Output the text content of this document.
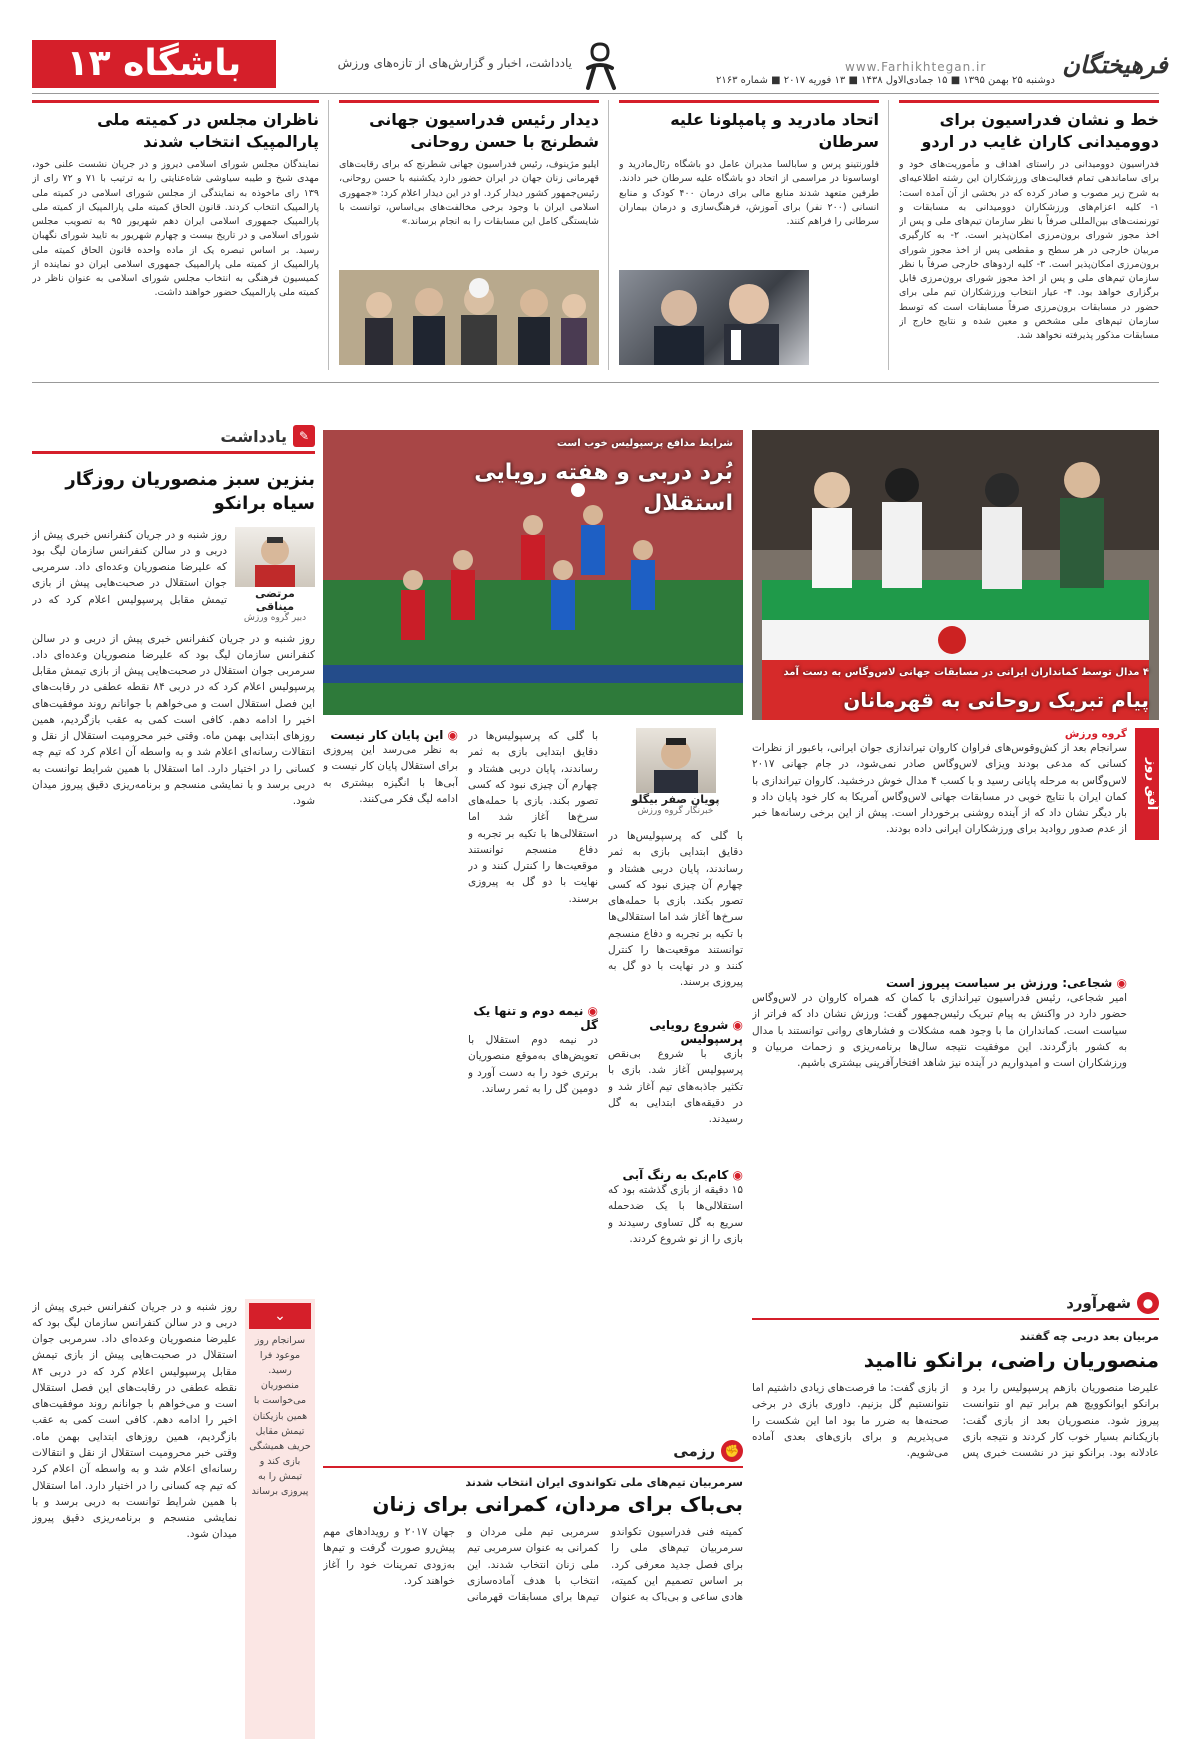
باشگاه ۱۳	یادداشت، اخبار و گزارش‌های از تازه‌های ورزش	www.Farhikhtegan.ir
دوشنبه ۲۵ بهمن ۱۳۹۵ ■ ۱۵ جمادی‌الاول ۱۴۳۸ ■ ۱۳ فوریه ۲۰۱۷ ■ شماره ۲۱۶۳
فرهیختگان
خط و نشان فدراسیون برای دوومیدانی کاران غایب در اردو
فدراسیون دوومیدانی در راستای اهداف و مأموریت‌های خود و برای ساماندهی تمام فعالیت‌های ورزشکاران این رشته اطلاعیه‌ای به شرح زیر مصوب و صادر کرده که در بخشی از آن آمده است: ۱- کلیه اعزام‌های ورزشکاران دوومیدانی به مسابقات و تورنمنت‌های بین‌المللی صرفاً با نظر سازمان تیم‌های ملی و پس از اخذ مجوز شورای برون‌مرزی امکان‌پذیر است. ۲- به کارگیری مربیان خارجی در هر سطح و مقطعی پس از اخذ مجوز شورای برون‌مرزی امکان‌پذیر است. ۳- کلیه اردوهای خارجی صرفاً با نظر سازمان تیم‌های ملی و پس از اخذ مجوز شورای برون‌مرزی قابل برگزاری خواهد بود. ۴- عیار انتخاب ورزشکاران تیم ملی برای حضور در مسابقات برون‌مرزی صرفاً مسابقات است که توسط سازمان تیم‌های ملی مشخص و معین شده و نتایج خارج از مسابقات مذکور پذیرفته نخواهد شد.
اتحاد مادرید و پامپلونا علیه سرطان
فلورنتینو پرس و سابالسا مدیران عامل دو باشگاه رئال‌مادرید و اوساسونا در مراسمی از اتحاد دو باشگاه علیه سرطان خبر دادند. طرفین متعهد شدند منابع مالی برای درمان ۴۰۰ کودک و منابع انسانی (۲۰۰ نفر) برای آموزش، فرهنگ‌سازی و درمان بیماران سرطانی را فراهم کنند.
دیدار رئیس فدراسیون جهانی شطرنج با حسن روحانی
ایلیو مژینوف، رئیس فدراسیون جهانی شطرنج که برای رقابت‌های قهرمانی زنان جهان در ایران حضور دارد یکشنبه با حسن روحانی، رئیس‌جمهور کشور دیدار کرد. او در این دیدار اعلام کرد: «جمهوری اسلامی ایران با وجود برخی مخالفت‌های بی‌اساس، توانست با شایستگی کامل این مسابقات را به انجام برساند.»
ناظران مجلس در کمیته ملی پارالمپیک انتخاب شدند
نمایندگان مجلس شورای اسلامی دیروز و در جریان نشست علنی خود، مهدی شیخ و طیبه سیاوشی شاه‌عنایتی را به ترتیب با ۷۱ و ۷۲ رای از ۱۳۹ رای ماخوذه به نمایندگی از مجلس شورای اسلامی در کمیته ملی پارالمپیک انتخاب کردند. قانون الحاق کمیته ملی پارالمپیک از کمیته ملی پارالمپیک جمهوری اسلامی ایران دهم شهریور ۹۵ به تصویب مجلس شورای اسلامی و در تاریخ بیست و چهارم شهریور به تایید شورای نگهبان رسید. بر اساس تبصره یک از ماده واحده قانون الحاق کمیته ملی پارالمپیک از کمیته ملی پارالمپیک جمهوری اسلامی ایران دو نماینده از کمیسیون فرهنگی به انتخاب مجلس شورای اسلامی به عنوان ناظر در کمیته ملی پارالمپیک حضور خواهند داشت.
۴ مدال توسط کمانداران ایرانی در مسابقات جهانی لاس‌وگاس به دست آمد
پیام تبریک روحانی به قهرمانان
شرایط مدافع پرسپولیس خوب است
بُرد دربی و هفته رویایی استقلال
✎
یادداشت
بنزین سبز منصوریان روزگار سیاه برانکو
مرتضی میناقی
دبیر گروه ورزش
روز شنبه و در جریان کنفرانس خبری پیش از دربی و در سالن کنفرانس سازمان لیگ بود که علیرضا منصوریان وعده‌ای داد. سرمربی جوان استقلال در صحبت‌هایی پیش از بازی تیمش مقابل پرسپولیس اعلام کرد که در
روز شنبه و در جریان کنفرانس خبری پیش از دربی و در سالن کنفرانس سازمان لیگ بود که علیرضا منصوریان وعده‌ای داد. سرمربی جوان استقلال در صحبت‌هایی پیش از بازی تیمش مقابل پرسپولیس اعلام کرد که در دربی ۸۴ نقطه عطفی در رقابت‌های این فصل استقلال است و می‌خواهم با جوانانم روند موفقیت‌های اخیر را ادامه دهم. کافی است کمی به عقب بازگردیم، همین روزهای ابتدایی بهمن ماه. وقتی خبر محرومیت استقلال از نقل و انتقالات رسانه‌ای اعلام شد و به واسطه آن اعلام کرد که تیم چه کسانی را در اختیار دارد. اما استقلال با همین شرایط توانست به دربی برسد و با نمایشی منسجم و برنامه‌ریزی دقیق پیروز میدان شود.
⌄
سرانجام روز موعود فرا رسید. منصوریان می‌خواست با همین بازیکنان تیمش مقابل حریف همیشگی بازی کند و تیمش را به پیروزی برساند
روز شنبه و در جریان کنفرانس خبری پیش از دربی و در سالن کنفرانس سازمان لیگ بود که علیرضا منصوریان وعده‌ای داد. سرمربی جوان استقلال در صحبت‌هایی پیش از بازی تیمش مقابل پرسپولیس اعلام کرد که در دربی ۸۴ نقطه عطفی در رقابت‌های این فصل استقلال است و می‌خواهم با جوانانم روند موفقیت‌های اخیر را ادامه دهم. کافی است کمی به عقب بازگردیم، همین روزهای ابتدایی بهمن ماه. وقتی خبر محرومیت استقلال از نقل و انتقالات رسانه‌ای اعلام شد و به واسطه آن اعلام کرد که تیم چه کسانی را در اختیار دارد. اما استقلال با همین شرایط توانست به دربی برسد و با نمایشی منسجم و برنامه‌ریزی دقیق پیروز میدان شود.
اُفق روز
گروه ورزش
سرانجام بعد از کش‌وقوس‌های فراوان کاروان تیراندازی جوان ایرانی، باعبور از نظرات کسانی که مدعی بودند ویزای لاس‌وگاس صادر نمی‌شود، در جام جهانی ۲۰۱۷ لاس‌وگاس به مرحله پایانی رسید و با کسب ۴ مدال خوش درخشید. کاروان تیراندازی با کمان ایران با نتایج خوبی در مسابقات جهانی لاس‌وگاس آمریکا به کار خود پایان داد و بار دیگر نشان داد که از آینده روشنی برخوردار است. پیش از این برخی رسانه‌ها خبر از عدم صدور روادید برای ورزشکاران ایرانی داده بودند.
◉ شجاعی: ورزش بر سیاست پیروز است
امیر شجاعی، رئیس فدراسیون تیراندازی با کمان که همراه کاروان در لاس‌وگاس حضور دارد در واکنش به پیام تبریک رئیس‌جمهور گفت: ورزش نشان داد که فراتر از سیاست است. کمانداران ما با وجود همه مشکلات و فشارهای روانی توانستند با مدال به کشور بازگردند. این موفقیت نتیجه سال‌ها برنامه‌ریزی و زحمات مربیان و ورزشکاران است و امیدواریم در آینده نیز شاهد افتخارآفرینی بیشتری باشیم.
●
شهرآورد
مربیان بعد دربی چه گفتند
منصوریان راضی، برانکو ناامید
علیرضا منصوریان بازهم پرسپولیس را برد و برانکو ایوانکوویچ هم برابر تیم او نتوانست پیروز شود. منصوریان بعد از بازی گفت: بازیکنانم بسیار خوب کار کردند و نتیجه بازی عادلانه بود. برانکو نیز در نشست خبری پس از بازی گفت: ما فرصت‌های زیادی داشتیم اما نتوانستیم گل بزنیم. داوری بازی در برخی صحنه‌ها به ضرر ما بود اما این شکست را می‌پذیریم و برای بازی‌های بعدی آماده می‌شویم.
پویان صفر بیگلو
خبرنگار گروه ورزش
با گلی که پرسپولیس‌ها در دقایق ابتدایی بازی به ثمر رساندند، پایان دربی هشتاد و چهارم آن چیزی نبود که کسی تصور بکند. بازی با حمله‌های سرخ‌ها آغاز شد اما استقلالی‌ها با تکیه بر تجربه و دفاع منسجم توانستند موقعیت‌ها را کنترل کنند و در نهایت با دو گل به پیروزی برسند.
◉ شروع رویایی پرسپولیس
بازی با شروع بی‌نقص پرسپولیس آغاز شد. بازی با تکثیر جاذبه‌های تیم آغاز شد و در دقیقه‌های ابتدایی به گل رسیدند.
◉ کام‌بک به رنگ آبی
۱۵ دقیقه از بازی گذشته بود که استقلالی‌ها با یک ضدحمله سریع به گل تساوی رسیدند و بازی را از نو شروع کردند.
با گلی که پرسپولیس‌ها در دقایق ابتدایی بازی به ثمر رساندند، پایان دربی هشتاد و چهارم آن چیزی نبود که کسی تصور بکند. بازی با حمله‌های سرخ‌ها آغاز شد اما استقلالی‌ها با تکیه بر تجربه و دفاع منسجم توانستند موقعیت‌ها را کنترل کنند و در نهایت با دو گل به پیروزی برسند.
◉ نیمه دوم و تنها یک گل
در نیمه دوم استقلال با تعویض‌های به‌موقع منصوریان برتری خود را به دست آورد و دومین گل را به ثمر رساند.
◉ این پایان کار نیست
به نظر می‌رسد این پیروزی برای استقلال پایان کار نیست و آبی‌ها با انگیزه بیشتری به ادامه لیگ فکر می‌کنند.
✊
رزمی
سرمربیان تیم‌های ملی تکواندوی ایران انتخاب شدند
بی‌باک برای مردان، کمرانی برای زنان
کمیته فنی فدراسیون تکواندو سرمربیان تیم‌های ملی را برای فصل جدید معرفی کرد. بر اساس تصمیم این کمیته، هادی ساعی و بی‌باک به عنوان سرمربی تیم ملی مردان و کمرانی به عنوان سرمربی تیم ملی زنان انتخاب شدند. این انتخاب با هدف آماده‌سازی تیم‌ها برای مسابقات قهرمانی جهان ۲۰۱۷ و رویدادهای مهم پیش‌رو صورت گرفت و تیم‌ها به‌زودی تمرینات خود را آغاز خواهند کرد.
